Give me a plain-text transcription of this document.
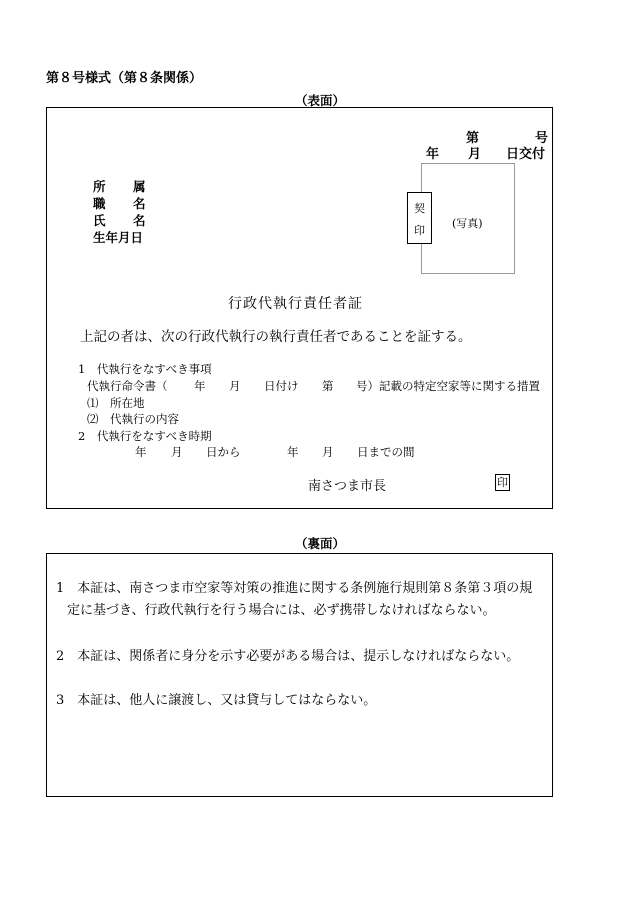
第８号様式（第８条関係）
（表面）
第	号
年 月 日交付
所 属
職 名
氏 名
生年月日
(写真)
契
印
行政代執行責任者証
上記の者は、次の行政代執行の執行責任者であることを証する。
1　代執行をなすべき事項
代執行命令書（ 年 月 日付け 第 号）記載の特定空家等に関する措置
⑴　所在地
⑵　代執行の内容
2　代執行をなすべき時期
年 月 日から	年 月 日までの間
南さつま市長	印
（裏面）
1　本証は、南さつま市空家等対策の推進に関する条例施行規則第８条第３項の規
定に基づき、行政代執行を行う場合には、必ず携帯しなければならない。
2　本証は、関係者に身分を示す必要がある場合は、提示しなければならない。
3　本証は、他人に譲渡し、又は貸与してはならない。
